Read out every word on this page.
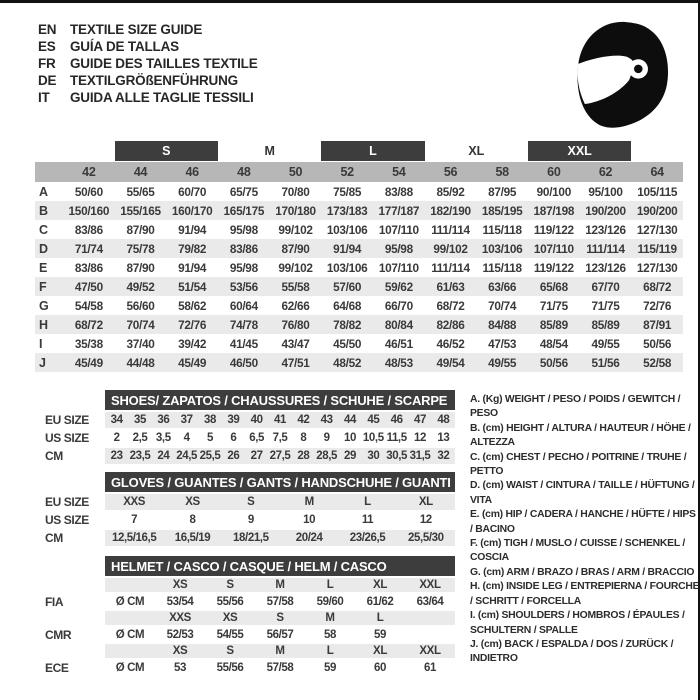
EN	TEXTILE SIZE GUIDE
ES	GUÍA DE TALLAS
FR	GUIDE DES TAILLES TEXTILE
DE	TEXTILGRÖßENFÜHRUNG
IT	GUIDA ALLE TAGLIE TESSILI
S	M	L	XL	XXL
42	44	46	48	50	52	54	56	58	60	62	64
A	50/60	55/65	60/70	65/75	70/80	75/85	83/88	85/92	87/95	90/100	95/100	105/115
B	150/160 155/165 160/170 165/175 170/180 173/183 177/187 182/190 185/195 187/198 190/200 190/200
C	83/86	87/90	91/94	95/98	99/102	103/106 107/110	111/114	115/118	119/122 123/126 127/130
D	71/74	75/78	79/82	83/86	87/90	91/94	95/98	99/102	103/106 107/110	111/114	115/119
E	83/86	87/90	91/94	95/98	99/102	103/106 107/110	111/114	115/118	119/122 123/126 127/130
F	47/50	49/52	51/54	53/56	55/58	57/60	59/62	61/63	63/66	65/68	67/70	68/72
G	54/58	56/60	58/62	60/64	62/66	64/68	66/70	68/72	70/74	71/75	71/75	72/76
H	68/72	70/74	72/76	74/78	76/80	78/82	80/84	82/86	84/88	85/89	85/89	87/91
I	35/38	37/40	39/42	41/45	43/47	45/50	46/51	46/52	47/53	48/54	49/55	50/56
J	45/49	44/48	45/49	46/50	47/51	48/52	48/53	49/54	49/55	50/56	51/56	52/58
SHOES/ ZAPATOS / CHAUSSURES / SCHUHE / SCARPE
EU SIZE	34 35 36 37 38 39 40 41 42 43 44 45 46 47 48
US SIZE	2	2,5 3,5	4	5	6	6,5 7,5	8	9	10 10,5 11,5 12 13
CM	23 23,5 24 24,5 25,5 26 27 27,5 28 28,5 29 30 30,5 31,5 32
GLOVES / GUANTES / GANTS / HANDSCHUHE / GUANTI
EU SIZE	XXS	XS	S	M	L	XL
US SIZE	7	8	9	10	11	12
CM	12,5/16,5	16,5/19	18/21,5	20/24	23/26,5	25,5/30
HELMET / CASCO / CASQUE / HELM / CASCO
XS	S	M	L	XL	XXL
FIA	Ø CM	53/54	55/56	57/58	59/60	61/62	63/64
XXS	XS	S	M	L
CMR	Ø CM	52/53	54/55	56/57	58	59
XS	S	M	L	XL	XXL
ECE	Ø CM	53	55/56	57/58	59	60	61
A. (Kg) WEIGHT / PESO / POIDS / GEWITCH / PESO
B. (cm) HEIGHT / ALTURA / HAUTEUR / HÖHE / ALTEZZA
C. (cm) CHEST / PECHO / POITRINE / TRUHE / PETTO
D. (cm) WAIST / CINTURA / TAILLE / HÜFTUNG / VITA
E. (cm) HIP / CADERA / HANCHE / HÜFTE / HIPS / BACINO
F. (cm) TIGH / MUSLO / CUISSE / SCHENKEL / COSCIA
G. (cm) ARM / BRAZO / BRAS / ARM / BRACCIO
H. (cm) INSIDE LEG / ENTREPIERNA / FOURCHE / SCHRITT / FORCELLA
I. (cm) SHOULDERS / HOMBROS / ÉPAULES / SCHULTERN / SPALLE
J. (cm) BACK / ESPALDA / DOS / ZURÜCK / INDIETRO
